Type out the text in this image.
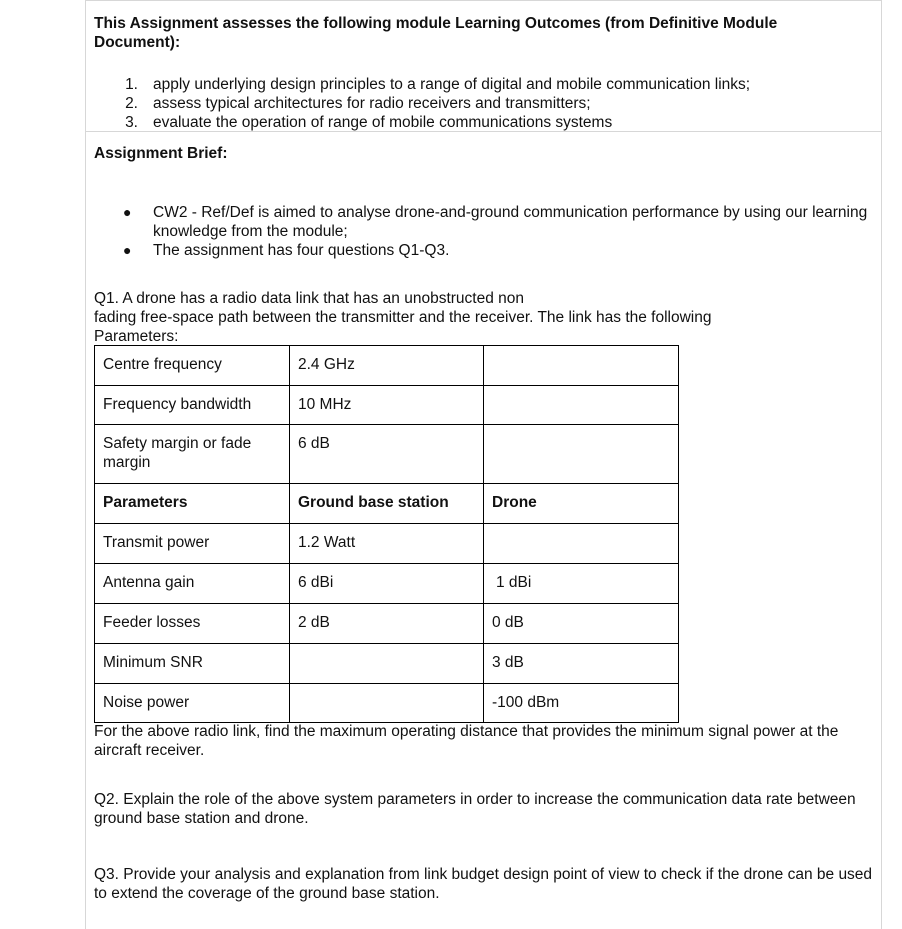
This Assignment assesses the following module Learning Outcomes (from Definitive Module Document):

1. apply underlying design principles to a range of digital and mobile communication links;
2. assess typical architectures for radio receivers and transmitters;
3. evaluate the operation of range of mobile communications systems

Assignment Brief:

● CW2 - Ref/Def is aimed to analyse drone-and-ground communication performance by using our learning knowledge from the module;

● The assignment has four questions Q1-Q3.

Q1. A drone has a radio data link that has an unobstructed non

fading free-space path between the transmitter and the receiver. The link has the following

Parameters:

Centre frequency	2.4 GHz	
Frequency bandwidth	10 MHz	
Safety margin or fade margin	6 dB	
Parameters	Ground base station	Drone
Transmit power	1.2 Watt	
Antenna gain	6 dBi	1 dBi
Feeder losses	2 dB	0 dB
Minimum SNR		3 dB
Noise power		-100 dBm

For the above radio link, find the maximum operating distance that provides the minimum signal power at the aircraft receiver.

Q2. Explain the role of the above system parameters in order to increase the communication data rate between ground base station and drone.

Q3. Provide your analysis and explanation from link budget design point of view to check if the drone can be used to extend the coverage of the ground base station.
